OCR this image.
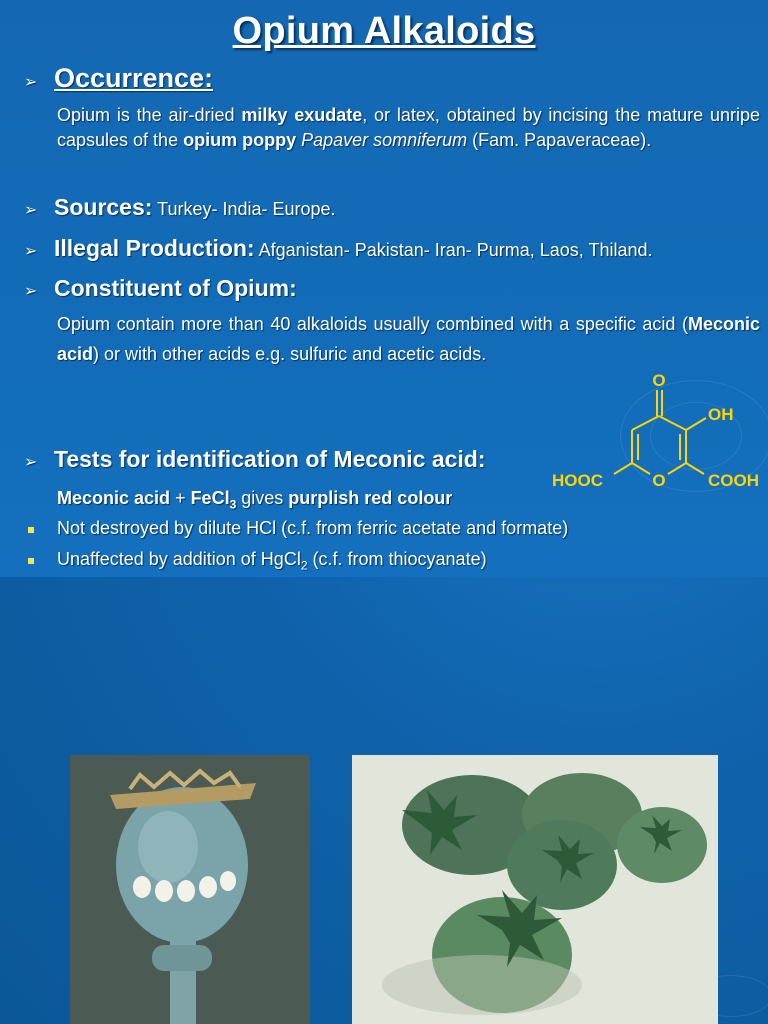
Opium Alkaloids
➢ Occurrence:
Opium is the air-dried milky exudate, or latex, obtained by incising the mature unripe capsules of the opium poppy Papaver somniferum (Fam. Papaveraceae).
➢ Sources: Turkey- India- Europe.
➢ Illegal Production: Afganistan- Pakistan- Iran- Purma, Laos, Thiland.
➢ Constituent of Opium:
Opium contain more than 40 alkaloids usually combined with a specific acid (Meconic acid) or with other acids e.g. sulfuric and acetic acids.
O
OH
HOOC	O COOH
➢ Tests for identification of Meconic acid:
Meconic acid + FeCl$_3$ gives purplish red colour
Not destroyed by dilute HCl (c.f. from ferric acetate and formate)
Unaffected by addition of HgCl$_2$ (c.f. from thiocyanate)
